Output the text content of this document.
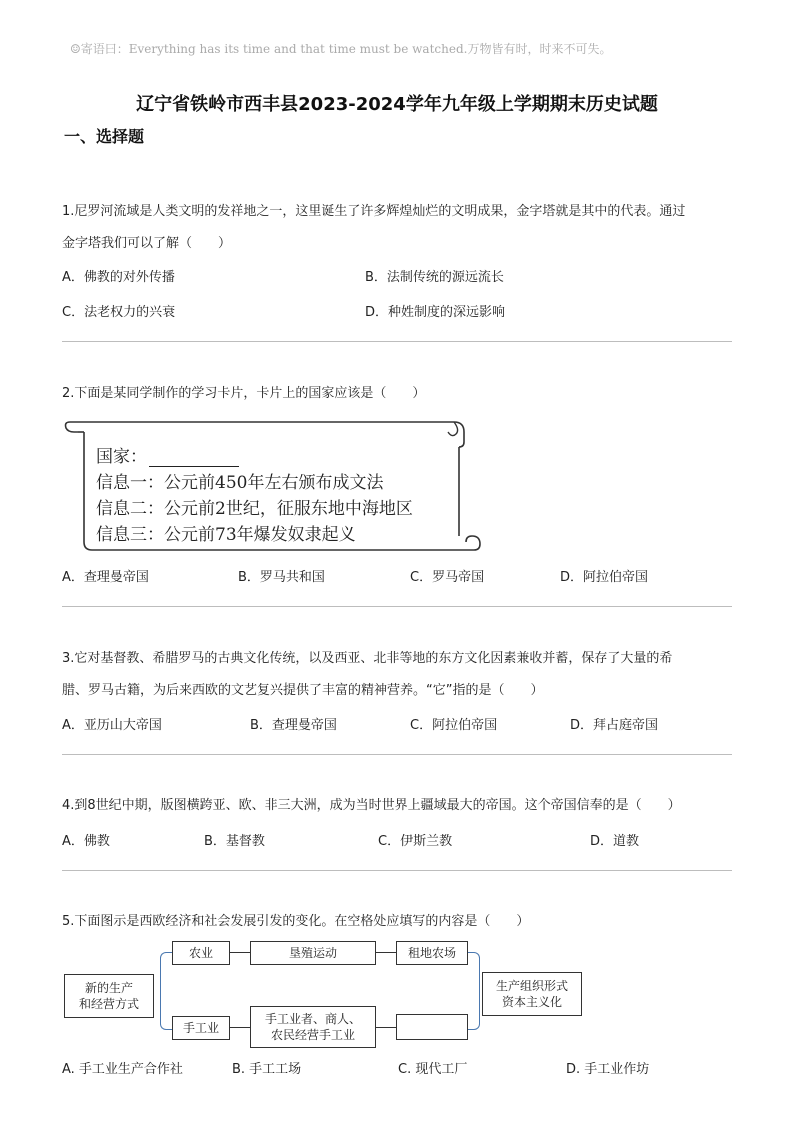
☺寄语曰：Everything has its time and that time must be watched.万物皆有时，时来不可失。
辽宁省铁岭市西丰县2023-2024学年九年级上学期期末历史试题
一、选择题
1.尼罗河流域是人类文明的发祥地之一，这里诞生了许多辉煌灿烂的文明成果，金字塔就是其中的代表。通过
金字塔我们可以了解（　　）
A．佛教的对外传播	B．法制传统的源远流长
C．法老权力的兴衰	D．种姓制度的深远影响
2.下面是某同学制作的学习卡片，卡片上的国家应该是（　　）
国家：
信息一：公元前450年左右颁布成文法
信息二：公元前2世纪，征服东地中海地区
信息三：公元前73年爆发奴隶起义
A．查理曼帝国	B．罗马共和国	C．罗马帝国	D．阿拉伯帝国
3.它对基督教、希腊罗马的古典文化传统，以及西亚、北非等地的东方文化因素兼收并蓄，保存了大量的希
腊、罗马古籍，为后来西欧的文艺复兴提供了丰富的精神营养。“它”指的是（　　）
A．亚历山大帝国	B．查理曼帝国	C．阿拉伯帝国	D．拜占庭帝国
4.到8世纪中期，版图横跨亚、欧、非三大洲，成为当时世界上疆域最大的帝国。这个帝国信奉的是（　　）
A．佛教	B．基督教	C．伊斯兰教	D．道教
5.下面图示是西欧经济和社会发展引发的变化。在空格处应填写的内容是（　　）
新的生产
和经营方式
农业	垦殖运动	租地农场
手工业
手工业者、商人、
农民经营手工业
生产组织形式
资本主义化
A. 手工业生产合作社	B. 手工工场	C. 现代工厂	D. 手工业作坊
